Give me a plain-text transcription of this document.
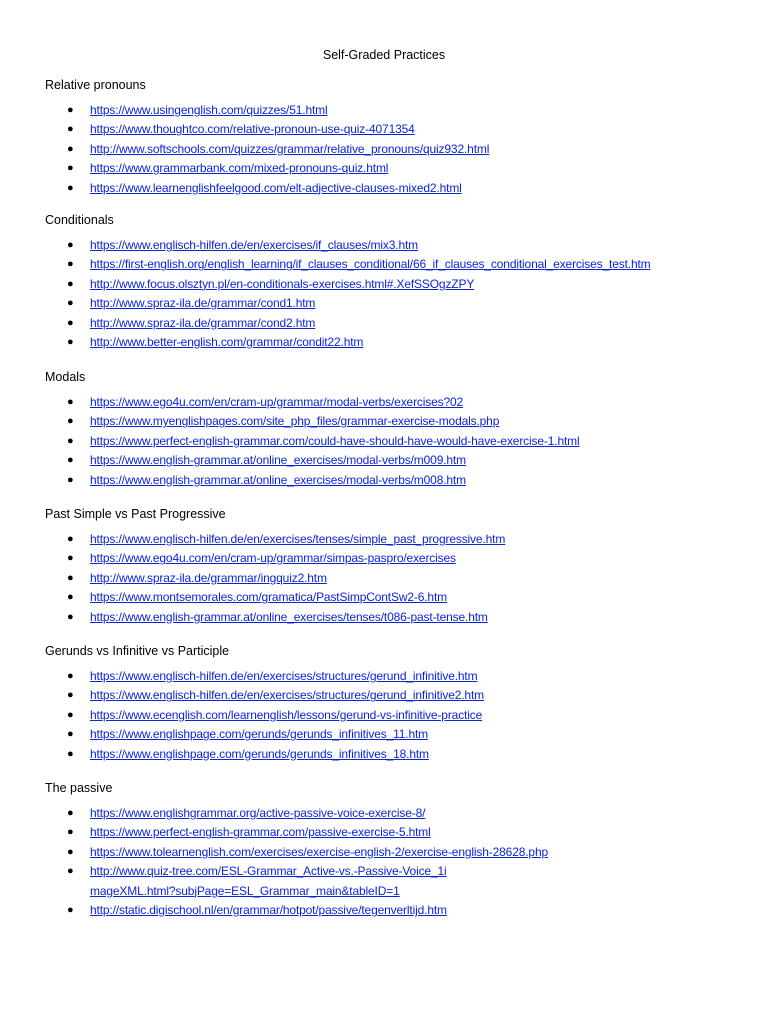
Self-Graded Practices
Relative pronouns
● https://www.usingenglish.com/quizzes/51.html
● https://www.thoughtco.com/relative-pronoun-use-quiz-4071354
● http://www.softschools.com/quizzes/grammar/relative_pronouns/quiz932.html
● https://www.grammarbank.com/mixed-pronouns-quiz.html
● https://www.learnenglishfeelgood.com/elt-adjective-clauses-mixed2.html
Conditionals
● https://www.englisch-hilfen.de/en/exercises/if_clauses/mix3.htm
● https://first-english.org/english_learning/if_clauses_conditional/66_if_clauses_conditional_exercises_test.htm
● http://www.focus.olsztyn.pl/en-conditionals-exercises.html#.XefSSOgzZPY
● http://www.spraz-ila.de/grammar/cond1.htm
● http://www.spraz-ila.de/grammar/cond2.htm
● http://www.better-english.com/grammar/condit22.htm
Modals
● https://www.ego4u.com/en/cram-up/grammar/modal-verbs/exercises?02
● https://www.myenglishpages.com/site_php_files/grammar-exercise-modals.php
● https://www.perfect-english-grammar.com/could-have-should-have-would-have-exercise-1.html
● https://www.english-grammar.at/online_exercises/modal-verbs/m009.htm
● https://www.english-grammar.at/online_exercises/modal-verbs/m008.htm
Past Simple vs Past Progressive
● https://www.englisch-hilfen.de/en/exercises/tenses/simple_past_progressive.htm
● https://www.ego4u.com/en/cram-up/grammar/simpas-paspro/exercises
● http://www.spraz-ila.de/grammar/ingquiz2.htm
● https://www.montsemorales.com/gramatica/PastSimpContSw2-6.htm
● https://www.english-grammar.at/online_exercises/tenses/t086-past-tense.htm
Gerunds vs Infinitive vs Participle
● https://www.englisch-hilfen.de/en/exercises/structures/gerund_infinitive.htm
● https://www.englisch-hilfen.de/en/exercises/structures/gerund_infinitive2.htm
● https://www.ecenglish.com/learnenglish/lessons/gerund-vs-infinitive-practice
● https://www.englishpage.com/gerunds/gerunds_infinitives_11.htm
● https://www.englishpage.com/gerunds/gerunds_infinitives_18.htm
The passive
● https://www.englishgrammar.org/active-passive-voice-exercise-8/
● https://www.perfect-english-grammar.com/passive-exercise-5.html
● https://www.tolearnenglish.com/exercises/exercise-english-2/exercise-english-28628.php
● http://www.quiz-tree.com/ESL-Grammar_Active-vs.-Passive-Voice_1imageXML.html?subjPage=ESL_Grammar_main&tableID=1
● http://static.digischool.nl/en/grammar/hotpot/passive/tegenverltijd.htm
